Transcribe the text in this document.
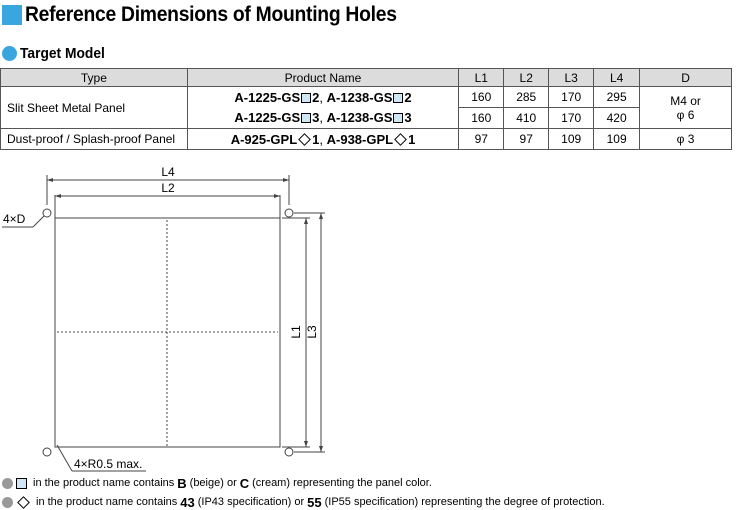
Reference Dimensions of Mounting Holes
Target Model
Type	Product Name	L1	L2	L3	L4	D
Slit Sheet Metal Panel	A-1225-GS 2, A-1238-GS 2	160	285	170	295	M4 or
φ 6

	A-1225-GS 3, A-1238-GS 3	160	410	170	420	
Dust-proof / Splash-proof Panel	A-925-GPL 1, A-938-GPL 1	97	97	109	109	φ 3
L4
L2
4×D
4×R0.5 max.
L1 L3
in the product name contains B (beige) or C (cream) representing the panel color.
in the product name contains 43 (IP43 specification) or 55 (IP55 specification) representing the degree of protection.
